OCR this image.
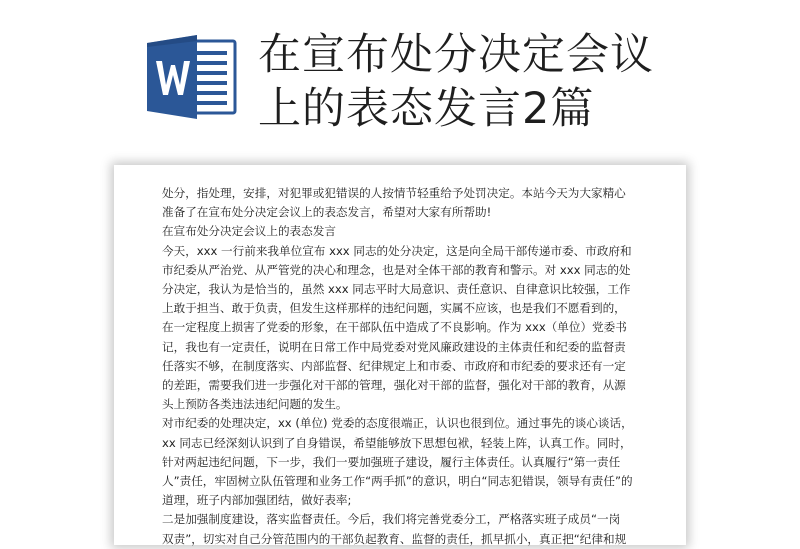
在宣布处分决定会议
上的表态发言2篇
处分，指处理，安排，对犯罪或犯错误的人按情节轻重给予处罚决定。本站今天为大家精心
准备了在宣布处分决定会议上的表态发言，希望对大家有所帮助!
在宣布处分决定会议上的表态发言
今天，xxx 一行前来我单位宣布 xxx 同志的处分决定，这是向全局干部传递市委、市政府和
市纪委从严治党、从严管党的决心和理念，也是对全体干部的教育和警示。对 xxx 同志的处
分决定，我认为是恰当的，虽然 xxx 同志平时大局意识、责任意识、自律意识比较强，工作
上敢于担当、敢于负责，但发生这样那样的违纪问题，实属不应该，也是我们不愿看到的，
在一定程度上损害了党委的形象，在干部队伍中造成了不良影响。作为 xxx（单位）党委书
记，我也有一定责任，说明在日常工作中局党委对党风廉政建设的主体责任和纪委的监督责
任落实不够，在制度落实、内部监督、纪律规定上和市委、市政府和市纪委的要求还有一定
的差距，需要我们进一步强化对干部的管理，强化对干部的监督，强化对干部的教育，从源
头上预防各类违法违纪问题的发生。
对市纪委的处理决定，xx (单位) 党委的态度很端正，认识也很到位。通过事先的谈心谈话，
xx 同志已经深刻认识到了自身错误，希望能够放下思想包袱，轻装上阵，认真工作。同时，
针对两起违纪问题，下一步，我们一要加强班子建设，履行主体责任。认真履行“第一责任
人”责任，牢固树立队伍管理和业务工作“两手抓”的意识，明白“同志犯错误，领导有责任”的
道理，班子内部加强团结，做好表率;
二是加强制度建设，落实监督责任。今后，我们将完善党委分工，严格落实班子成员“一岗
双责”，切实对自己分管范围内的干部负起教育、监督的责任，抓早抓小，真正把“纪律和规
